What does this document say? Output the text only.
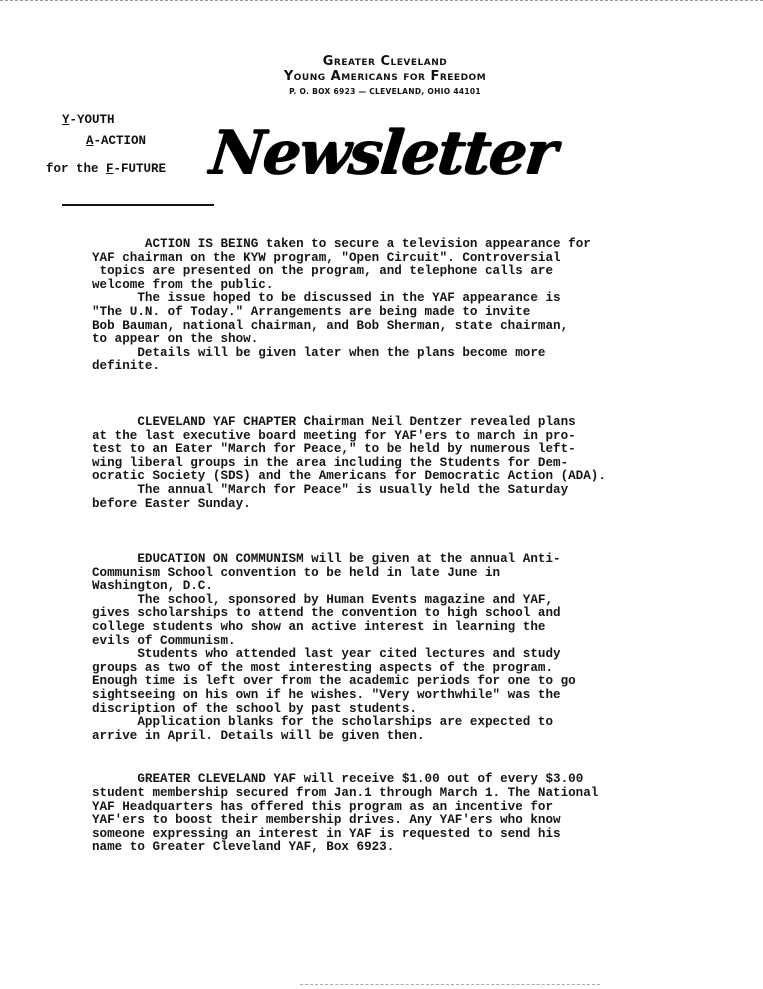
Greater Cleveland
Young Americans for Freedom
P. O. BOX 6923 — CLEVELAND, OHIO 44101
Y-YOUTH
A-ACTION
for the F-FUTURE Newsletter

ACTION IS BEING taken to secure a television appearance for
YAF chairman on the KYW program, "Open Circuit". Controversial
topics are presented on the program, and telephone calls are
welcome from the public.

The issue hoped to be discussed in the YAF appearance is
"The U.N. of Today." Arrangements are being made to invite
Bob Bauman, national chairman, and Bob Sherman, state chairman,
to appear on the show.

Details will be given later when the plans become more
definite.

CLEVELAND YAF CHAPTER Chairman Neil Dentzer revealed plans
at the last executive board meeting for YAF'ers to march in pro-
test to an Eater "March for Peace," to be held by numerous left-
wing liberal groups in the area including the Students for Dem-
ocratic Society (SDS) and the Americans for Democratic Action (ADA).

The annual "March for Peace" is usually held the Saturday
before Easter Sunday.

EDUCATION ON COMMUNISM will be given at the annual Anti-
Communism School convention to be held in late June in
Washington, D.C.

The school, sponsored by Human Events magazine and YAF,
gives scholarships to attend the convention to high school and
college students who show an active interest in learning the
evils of Communism.

Students who attended last year cited lectures and study
groups as two of the most interesting aspects of the program.
Enough time is left over from the academic periods for one to go
sightseeing on his own if he wishes. "Very worthwhile" was the
discription of the school by past students.

Application blanks for the scholarships are expected to
arrive in April. Details will be given then.

GREATER CLEVELAND YAF will receive $1.00 out of every $3.00
student membership secured from Jan.1 through March 1. The National
YAF Headquarters has offered this program as an incentive for
YAF'ers to boost their membership drives. Any YAF'ers who know
someone expressing an interest in YAF is requested to send his
name to Greater Cleveland YAF, Box 6923.
